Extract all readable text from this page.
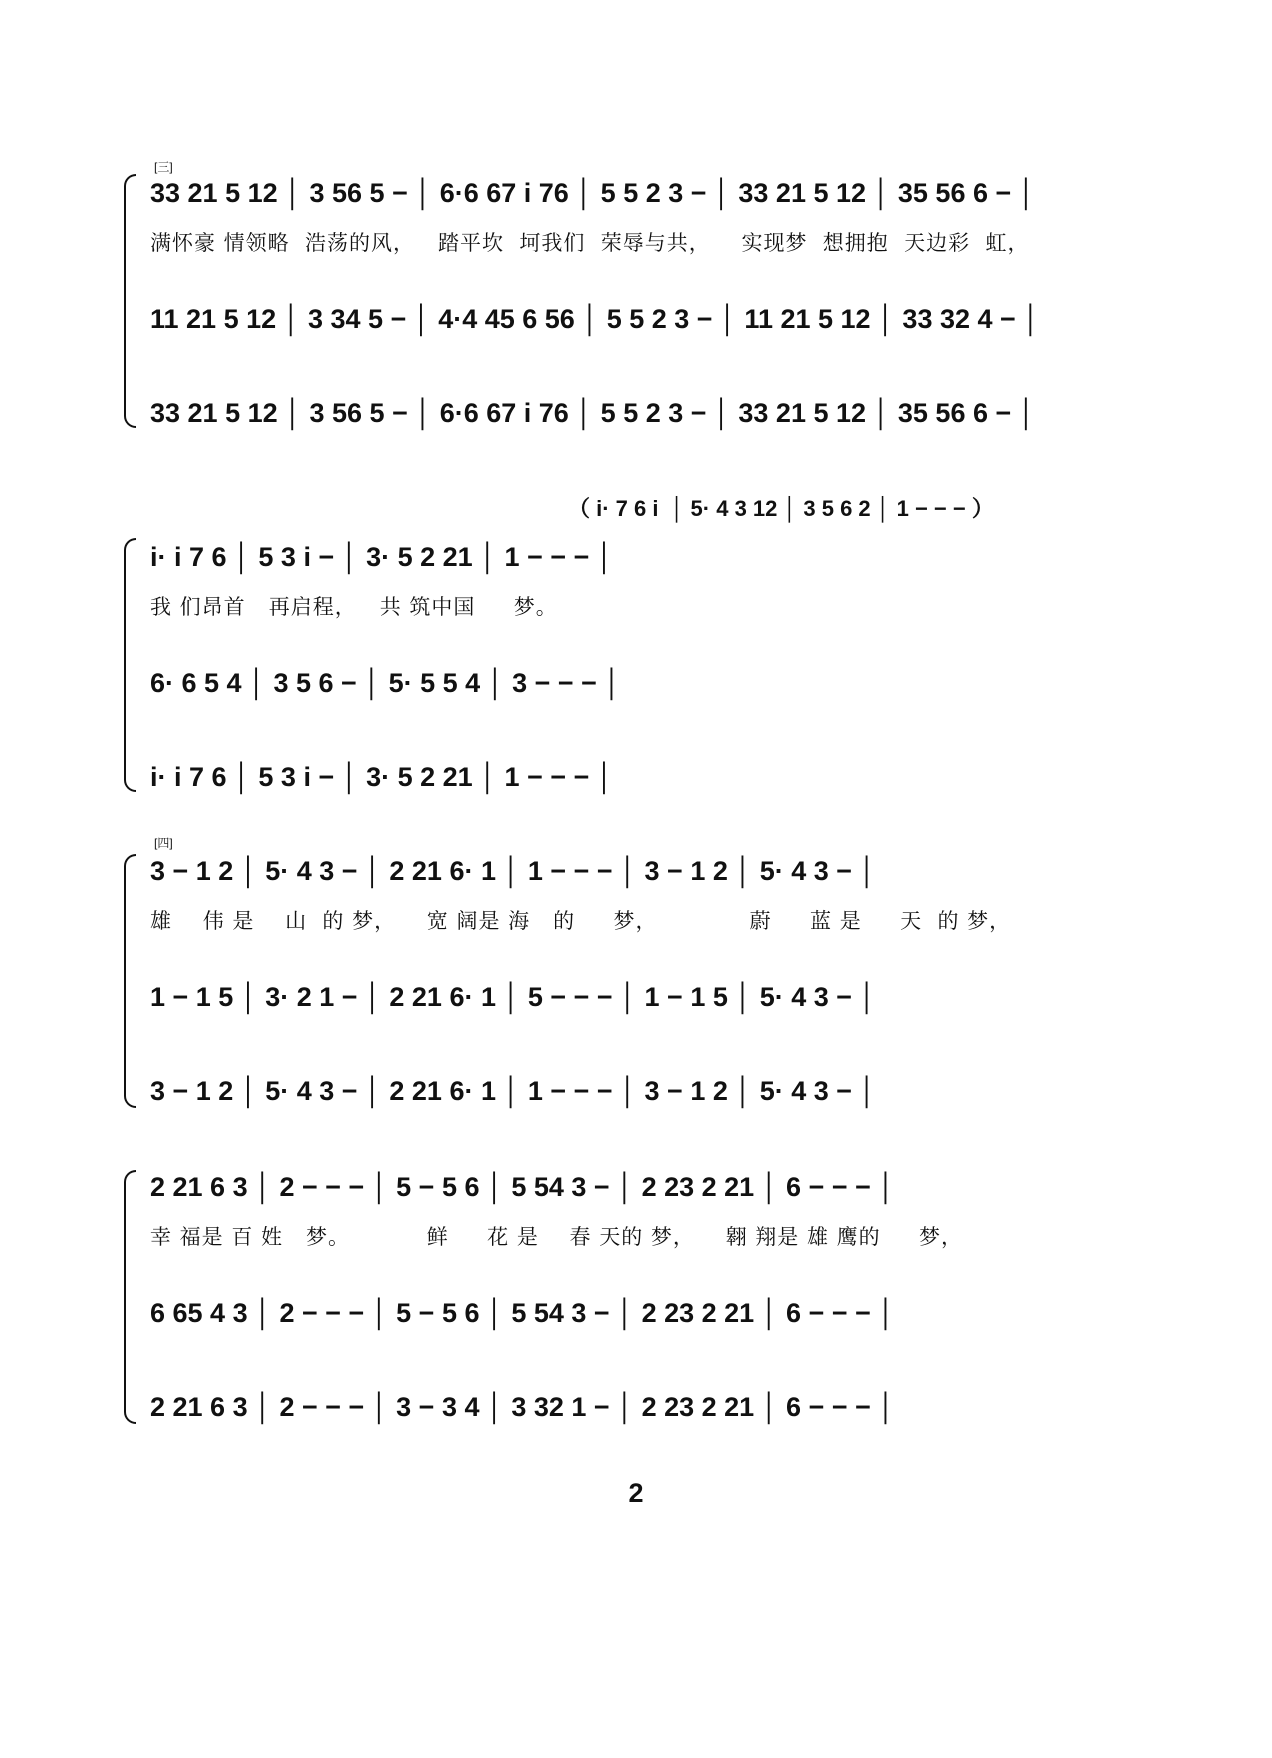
[三]
33 21 5 12 │ 3 56 5 − │ 6·6 67 i 76 │ 5 5 2 3 − │ 33 21 5 12 │ 35 56 6 − │
满怀豪 情领略  浩荡的风，   踏平坎  坷我们  荣辱与共，    实现梦  想拥抱  天边彩  虹，
11 21 5 12 │ 3 34 5 − │ 4·4 45 6 56 │ 5 5 2 3 − │ 11 21 5 12 │ 33 32 4 − │
33 21 5 12 │ 3 56 5 − │ 6·6 67 i 76 │ 5 5 2 3 − │ 33 21 5 12 │ 35 56 6 − │
（ i· 7 6 i  │ 5· 4 3 12 │ 3 5 6 2 │ 1 − − − ）
i· i 7 6 │ 5 3 i − │ 3· 5 2 21 │ 1 − − − │
我 们昂首   再启程，   共 筑中国     梦。
6· 6 5 4 │ 3 5 6 − │ 5· 5 5 4 │ 3 − − − │
i· i 7 6 │ 5 3 i − │ 3· 5 2 21 │ 1 − − − │
[四]
3 − 1 2 │ 5· 4 3 − │ 2 21 6· 1 │ 1 − − − │ 3 − 1 2 │ 5· 4 3 − │
雄    伟 是    山  的 梦，    宽 阔是 海   的     梦，            蔚     蓝 是     天  的 梦，
1 − 1 5 │ 3· 2 1 − │ 2 21 6· 1 │ 5 − − − │ 1 − 1 5 │ 5· 4 3 − │
3 − 1 2 │ 5· 4 3 − │ 2 21 6· 1 │ 1 − − − │ 3 − 1 2 │ 5· 4 3 − │
2 21 6 3 │ 2 − − − │ 5 − 5 6 │ 5 54 3 − │ 2 23 2 21 │ 6 − − − │
幸 福是 百 姓   梦。          鲜     花 是    春 天的 梦，    翱 翔是 雄 鹰的     梦，
6 65 4 3 │ 2 − − − │ 5 − 5 6 │ 5 54 3 − │ 2 23 2 21 │ 6 − − − │
2 21 6 3 │ 2 − − − │ 3 − 3 4 │ 3 32 1 − │ 2 23 2 21 │ 6 − − − │
2
